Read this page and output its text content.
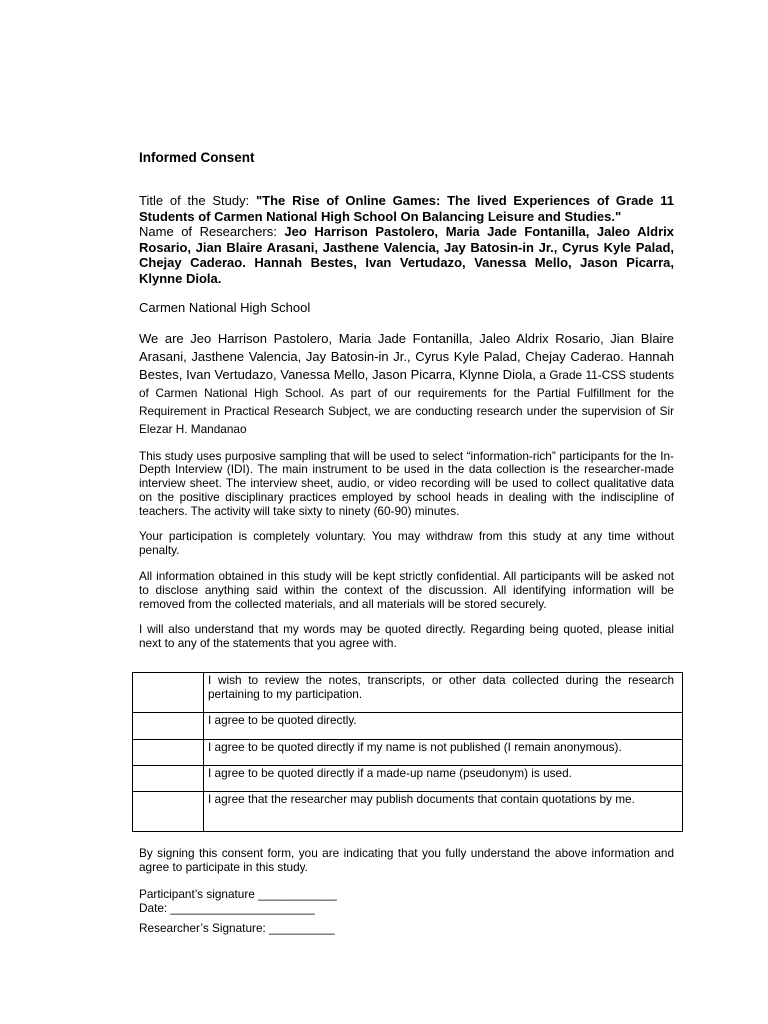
Informed Consent

Title of the Study: "The Rise of Online Games: The lived Experiences of Grade 11 Students of Carmen National High School On Balancing Leisure and Studies."

Name of Researchers: Jeo Harrison Pastolero, Maria Jade Fontanilla, Jaleo Aldrix Rosario, Jian Blaire Arasani, Jasthene Valencia, Jay Batosin-in Jr., Cyrus Kyle Palad, Chejay Caderao. Hannah Bestes, Ivan Vertudazo, Vanessa Mello, Jason Picarra, Klynne Diola.

Carmen National High School

We are Jeo Harrison Pastolero, Maria Jade Fontanilla, Jaleo Aldrix Rosario, Jian Blaire Arasani, Jasthene Valencia, Jay Batosin-in Jr., Cyrus Kyle Palad, Chejay Caderao. Hannah Bestes, Ivan Vertudazo, Vanessa Mello, Jason Picarra, Klynne Diola, a Grade 11-CSS students of Carmen National High School. As part of our requirements for the Partial Fulfillment for the Requirement in Practical Research Subject, we are conducting research under the supervision of Sir Elezar H. Mandanao

This study uses purposive sampling that will be used to select “information-rich” participants for the In-Depth Interview (IDI). The main instrument to be used in the data collection is the researcher-made interview sheet. The interview sheet, audio, or video recording will be used to collect qualitative data on the positive disciplinary practices employed by school heads in dealing with the indiscipline of teachers. The activity will take sixty to ninety (60-90) minutes.

Your participation is completely voluntary. You may withdraw from this study at any time without penalty.

All information obtained in this study will be kept strictly confidential. All participants will be asked not to disclose anything said within the context of the discussion. All identifying information will be removed from the collected materials, and all materials will be stored securely.

I will also understand that my words may be quoted directly. Regarding being quoted, please initial next to any of the statements that you agree with.

	I wish to review the notes, transcripts, or other data collected during the research pertaining to my participation.
	I agree to be quoted directly.
	I agree to be quoted directly if my name is not published (I remain anonymous).
	I agree to be quoted directly if a made-up name (pseudonym) is used.
	I agree that the researcher may publish documents that contain quotations by me.

By signing this consent form, you are indicating that you fully understand the above information and agree to participate in this study.

Participant’s signature ____________
Date: ______________________
Researcher’s Signature: __________
